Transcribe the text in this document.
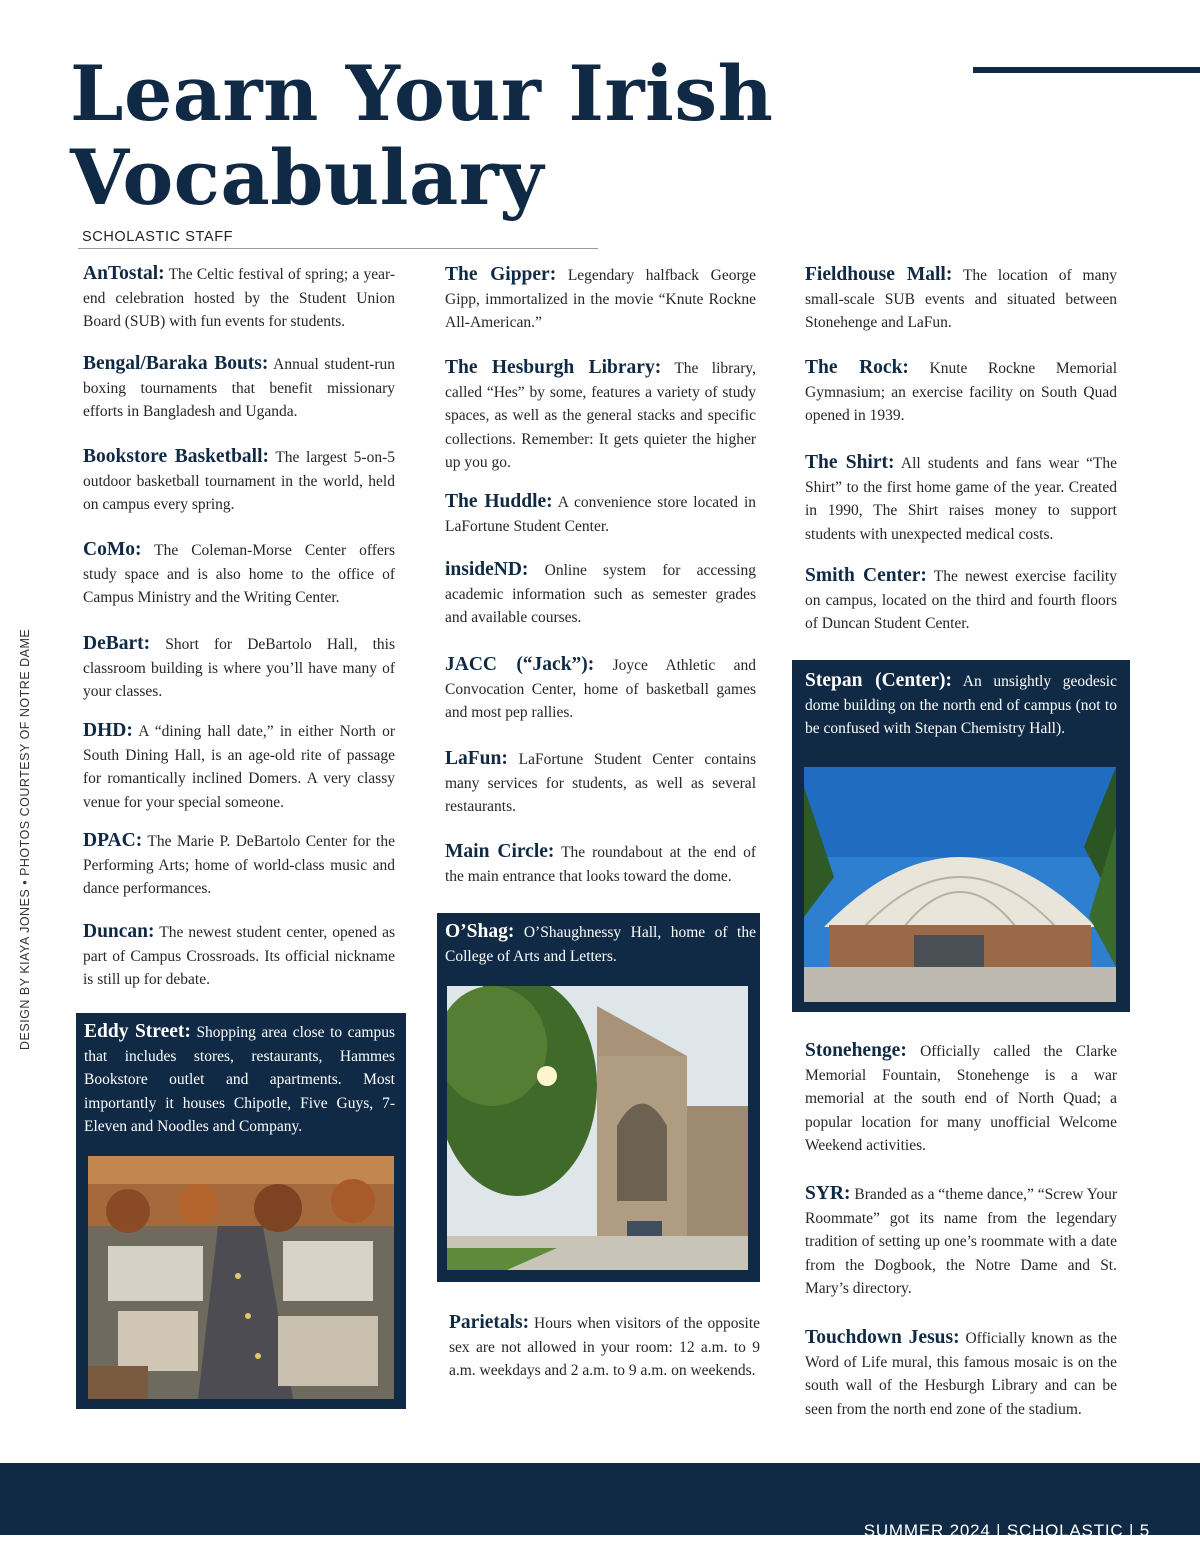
Learn Your Irish
Vocabulary
SCHOLASTIC STAFF
DESIGN BY KIAYA JONES • PHOTOS COURTESY OF NOTRE DAME

AnTostal: The Celtic festival of spring; a year-end celebration hosted by the Student Union Board (SUB) with fun events for students.

Bengal/Baraka Bouts: Annual student-run boxing tournaments that benefit missionary efforts in Bangladesh and Uganda.

Bookstore Basketball: The largest 5-on-5 outdoor basketball tournament in the world, held on campus every spring.

CoMo: The Coleman-Morse Center offers study space and is also home to the office of Campus Ministry and the Writing Center.

DeBart: Short for DeBartolo Hall, this classroom building is where you’ll have many of your classes.

DHD: A “dining hall date,” in either North or South Dining Hall, is an age-old rite of passage for romantically inclined Domers. A very classy venue for your special someone.

DPAC: The Marie P. DeBartolo Center for the Performing Arts; home of world-class music and dance performances.

Duncan: The newest student center, opened as part of Campus Crossroads. Its official nickname is still up for debate.

Eddy Street: Shopping area close to campus that includes stores, restaurants, Hammes Bookstore outlet and apartments. Most importantly it houses Chipotle, Five Guys, 7-Eleven and Noodles and Company.

The Gipper: Legendary halfback George Gipp, immortalized in the movie “Knute Rockne All-American.”

The Hesburgh Library: The library, called “Hes” by some, features a variety of study spaces, as well as the general stacks and specific collections. Remember: It gets quieter the higher up you go.

The Huddle: A convenience store located in LaFortune Student Center.

insideND: Online system for accessing academic information such as semester grades and available courses.

JACC (“Jack”): Joyce Athletic and Convocation Center, home of basketball games and most pep rallies.

LaFun: LaFortune Student Center contains many services for students, as well as several restaurants.

Main Circle: The roundabout at the end of the main entrance that looks toward the dome.

O’Shag: O’Shaughnessy Hall, home of the College of Arts and Letters.

Parietals: Hours when visitors of the opposite sex are not allowed in your room: 12 a.m. to 9 a.m. weekdays and 2 a.m. to 9 a.m. on weekends.

Fieldhouse Mall: The location of many small-scale SUB events and situated between Stonehenge and LaFun.

The Rock: Knute Rockne Memorial Gymnasium; an exercise facility on South Quad opened in 1939.

The Shirt: All students and fans wear “The Shirt” to the first home game of the year. Created in 1990, The Shirt raises money to support students with unexpected medical costs.

Smith Center: The newest exercise facility on campus, located on the third and fourth floors of Duncan Student Center.

Stepan (Center): An unsightly geodesic dome building on the north end of campus (not to be confused with Stepan Chemistry Hall).

Stonehenge: Officially called the Clarke Memorial Fountain, Stonehenge is a war memorial at the south end of North Quad; a popular location for many unofficial Welcome Weekend activities.

SYR: Branded as a “theme dance,” “Screw Your Roommate” got its name from the legendary tradition of setting up one’s roommate with a date from the Dogbook, the Notre Dame and St. Mary’s directory.

Touchdown Jesus: Officially known as the Word of Life mural, this famous mosaic is on the south wall of the Hesburgh Library and can be seen from the north end zone of the stadium.

SUMMER 2024 | SCHOLASTIC | 5
